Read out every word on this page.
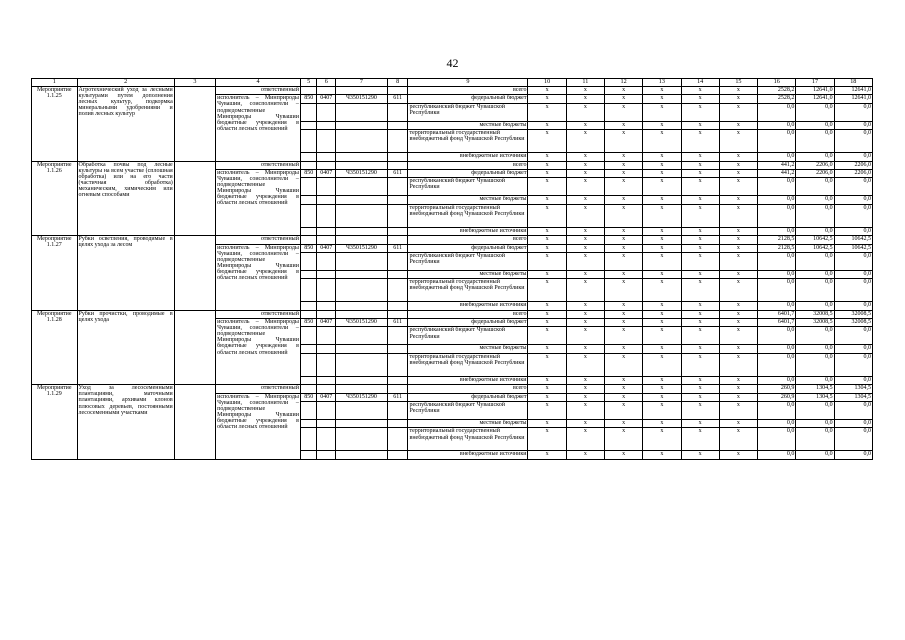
42
1	2	3	4	5	6	7	8	9	10	11	12	13	14	15	16	17	18
Мероприятие 1.1.25	Агротехнический уход за лесными культурами путем дополнения лесных культур, подкормка минеральными удобрениями и полив лесных культур		ответственный					всего	x	x	x	x	x	x	2528,2	12641,0	12641,0
			исполнитель – Минприроды Чувашии, соисполнители – подведомственные Минприроды Чувашии бюджетные учреждения в области лесных отношений	850	0407	Ч350151290	611	федеральный бюджет	x	x	x	x	x	x	2528,2	12641,0	12641,0
								республиканский бюджет Чувашской Республики	x	x	x	x	x	x	0,0	0,0	0,0
								местные бюджеты	x	x	x	x	x	x	0,0	0,0	0,0
								территориальный государственный внебюджетный фонд Чувашской Республики	x	x	x	x	x	x	0,0	0,0	0,0
								внебюджетные источники	x	x	x	x	x	x	0,0	0,0	0,0
Мероприятие 1.1.26	Обработка почвы под лесные культуры на всем участке (сплошная обработка) или на его части (частичная обработка) механическим, химическим или огневым способами		ответственный					всего	x	x	x	x	x	x	441,2	2206,0	2206,0
			исполнитель – Минприроды Чувашии, соисполнители – подведомственные Минприроды Чувашии бюджетные учреждения в области лесных отношений	850	0407	Ч350151290	611	федеральный бюджет	x	x	x	x	x	x	441,2	2206,0	2206,0
								республиканский бюджет Чувашской Республики	x	x	x	x	x	x	0,0	0,0	0,0
								местные бюджеты	x	x	x	x	x	x	0,0	0,0	0,0
								территориальный государственный внебюджетный фонд Чувашской Республики	x	x	x	x	x	x	0,0	0,0	0,0
								внебюджетные источники	x	x	x	x	x	x	0,0	0,0	0,0
Мероприятие 1.1.27	Рубки осветления, проводимые в целях ухода за лесом		ответственный					всего	x	x	x	x	x	x	2128,5	10642,5	10642,5
			исполнитель – Минприроды Чувашии, соисполнители – подведомственные Минприроды Чувашии бюджетные учреждения в области лесных отношений	850	0407	Ч350151290	611	федеральный бюджет	x	x	x	x	x	x	2128,5	10642,5	10642,5
								республиканский бюджет Чувашской Республики	x	x	x	x	x	x	0,0	0,0	0,0
								местные бюджеты	x	x	x	x	x	x	0,0	0,0	0,0
								территориальный государственный внебюджетный фонд Чувашской Республики	x	x	x	x	x	x	0,0	0,0	0,0
								внебюджетные источники	x	x	x	x	x	x	0,0	0,0	0,0
Мероприятие 1.1.28	Рубки прочистки, проводимые в целях ухода		ответственный					всего	x	x	x	x	x	x	6401,7	32008,5	32008,5
			исполнитель – Минприроды Чувашии, соисполнители – подведомственные Минприроды Чувашии бюджетные учреждения в области лесных отношений	850	0407	Ч350151290	611	федеральный бюджет	x	x	x	x	x	x	6401,7	32008,5	32008,5
								республиканский бюджет Чувашской Республики	x	x	x	x	x	x	0,0	0,0	0,0
								местные бюджеты	x	x	x	x	x	x	0,0	0,0	0,0
								территориальный государственный внебюджетный фонд Чувашской Республики	x	x	x	x	x	x	0,0	0,0	0,0
								внебюджетные источники	x	x	x	x	x	x	0,0	0,0	0,0
Мероприятие 1.1.29	Уход за лесосеменными плантациями, маточными плантациями, архивами клонов плюсовых деревьев, постоянными лесосеменными участками		ответственный					всего	x	x	x	x	x	x	260,9	1304,5	1304,5
			исполнитель – Минприроды Чувашии, соисполнители – подведомственные Минприроды Чувашии бюджетные учреждения в области лесных отношений	850	0407	Ч350151290	611	федеральный бюджет	x	x	x	x	x	x	260,9	1304,5	1304,5
								республиканский бюджет Чувашской Республики	x	x	x	x	x	x	0,0	0,0	0,0
								местные бюджеты	x	x	x	x	x	x	0,0	0,0	0,0
								территориальный государственный внебюджетный фонд Чувашской Республики	x	x	x	x	x	x	0,0	0,0	0,0
								внебюджетные источники	x	x	x	x	x	x	0,0	0,0	0,0
